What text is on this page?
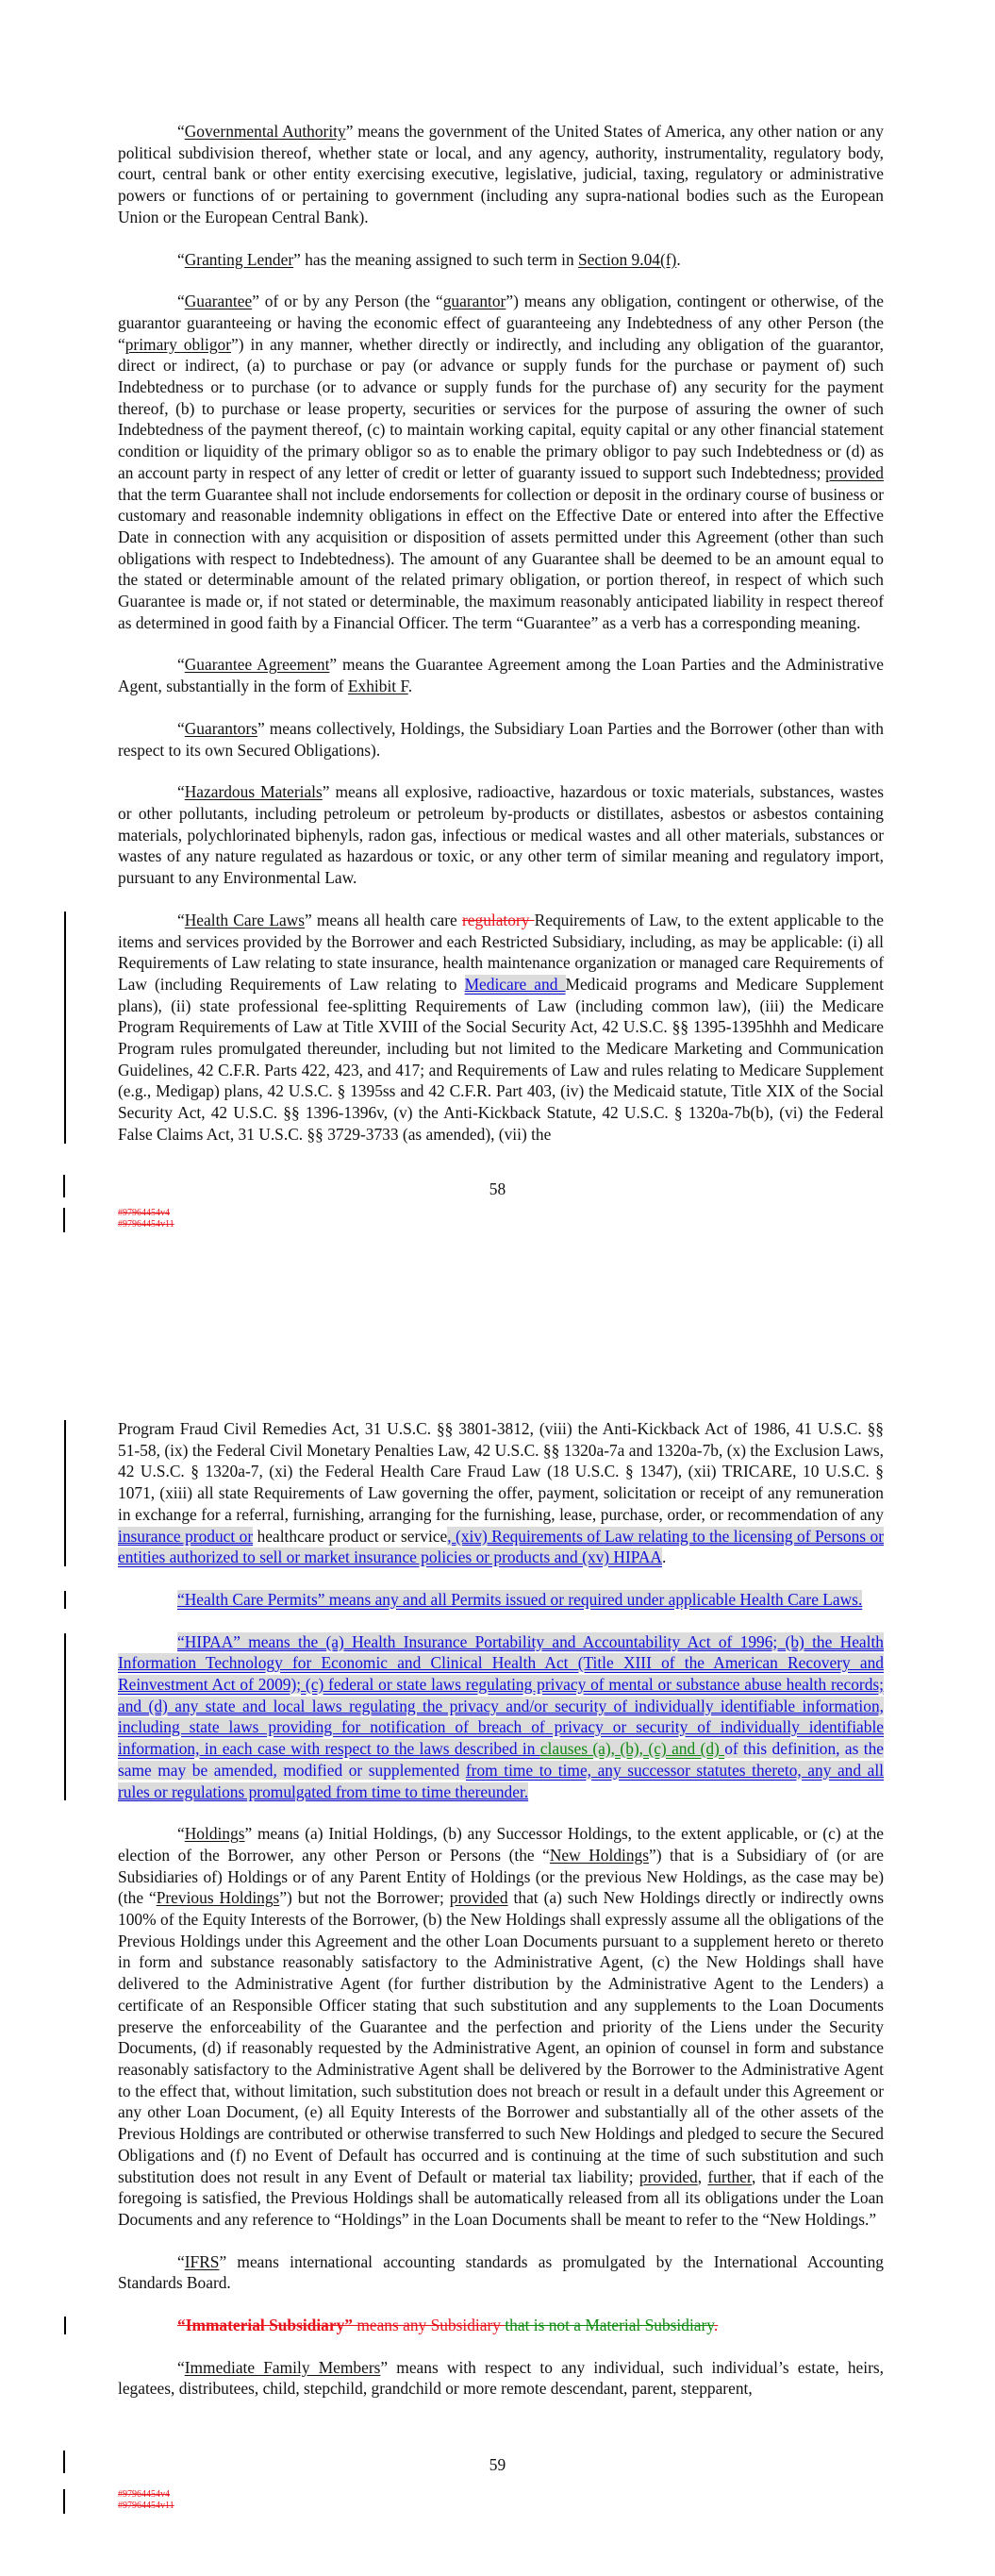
“Governmental Authority” means the government of the United States of America, any other nation or any political subdivision thereof, whether state or local, and any agency, authority, instrumentality, regulatory body, court, central bank or other entity exercising executive, legislative, judicial, taxing, regulatory or administrative powers or functions of or pertaining to government (including any supra-national bodies such as the European Union or the European Central Bank).

“Granting Lender” has the meaning assigned to such term in Section 9.04(f).

“Guarantee” of or by any Person (the “guarantor”) means any obligation, contingent or otherwise, of the guarantor guaranteeing or having the economic effect of guaranteeing any Indebtedness of any other Person (the “primary obligor”) in any manner, whether directly or indirectly, and including any obligation of the guarantor, direct or indirect, (a) to purchase or pay (or advance or supply funds for the purchase or payment of) such Indebtedness or to purchase (or to advance or supply funds for the purchase of) any security for the payment thereof, (b) to purchase or lease property, securities or services for the purpose of assuring the owner of such Indebtedness of the payment thereof, (c) to maintain working capital, equity capital or any other financial statement condition or liquidity of the primary obligor so as to enable the primary obligor to pay such Indebtedness or (d) as an account party in respect of any letter of credit or letter of guaranty issued to support such Indebtedness; provided that the term Guarantee shall not include endorsements for collection or deposit in the ordinary course of business or customary and reasonable indemnity obligations in effect on the Effective Date or entered into after the Effective Date in connection with any acquisition or disposition of assets permitted under this Agreement (other than such obligations with respect to Indebtedness). The amount of any Guarantee shall be deemed to be an amount equal to the stated or determinable amount of the related primary obligation, or portion thereof, in respect of which such Guarantee is made or, if not stated or determinable, the maximum reasonably anticipated liability in respect thereof as determined in good faith by a Financial Officer. The term “Guarantee” as a verb has a corresponding meaning.

“Guarantee Agreement” means the Guarantee Agreement among the Loan Parties and the Administrative Agent, substantially in the form of Exhibit F.

“Guarantors” means collectively, Holdings, the Subsidiary Loan Parties and the Borrower (other than with respect to its own Secured Obligations).

“Hazardous Materials” means all explosive, radioactive, hazardous or toxic materials, substances, wastes or other pollutants, including petroleum or petroleum by-products or distillates, asbestos or asbestos containing materials, polychlorinated biphenyls, radon gas, infectious or medical wastes and all other materials, substances or wastes of any nature regulated as hazardous or toxic, or any other term of similar meaning and regulatory import, pursuant to any Environmental Law.

“Health Care Laws” means all health care regulatory Requirements of Law, to the extent applicable to the items and services provided by the Borrower and each Restricted Subsidiary, including, as may be applicable: (i) all Requirements of Law relating to state insurance, health maintenance organization or managed care Requirements of Law (including Requirements of Law relating to Medicare and Medicaid programs and Medicare Supplement plans), (ii) state professional fee-splitting Requirements of Law (including common law), (iii) the Medicare Program Requirements of Law at Title XVIII of the Social Security Act, 42 U.S.C. §§ 1395-1395hhh and Medicare Program rules promulgated thereunder, including but not limited to the Medicare Marketing and Communication Guidelines, 42 C.F.R. Parts 422, 423, and 417; and Requirements of Law and rules relating to Medicare Supplement (e.g., Medigap) plans, 42 U.S.C. § 1395ss and 42 C.F.R. Part 403, (iv) the Medicaid statute, Title XIX of the Social Security Act, 42 U.S.C. §§ 1396-1396v, (v) the Anti-Kickback Statute, 42 U.S.C. § 1320a-7b(b), (vi) the Federal False Claims Act, 31 U.S.C. §§ 3729-3733 (as amended), (vii) the

58
#97964454v4
#97964454v11

Program Fraud Civil Remedies Act, 31 U.S.C. §§ 3801-3812, (viii) the Anti-Kickback Act of 1986, 41 U.S.C. §§ 51-58, (ix) the Federal Civil Monetary Penalties Law, 42 U.S.C. §§ 1320a-7a and 1320a-7b, (x) the Exclusion Laws, 42 U.S.C. § 1320a-7, (xi) the Federal Health Care Fraud Law (18 U.S.C. § 1347), (xii) TRICARE, 10 U.S.C. § 1071, (xiii) all state Requirements of Law governing the offer, payment, solicitation or receipt of any remuneration in exchange for a referral, furnishing, arranging for the furnishing, lease, purchase, order, or recommendation of any insurance product or healthcare product or service, (xiv) Requirements of Law relating to the licensing of Persons or entities authorized to sell or market insurance policies or products and (xv) HIPAA.

“Health Care Permits” means any and all Permits issued or required under applicable Health Care Laws.

“HIPAA” means the (a) Health Insurance Portability and Accountability Act of 1996; (b) the Health Information Technology for Economic and Clinical Health Act (Title XIII of the American Recovery and Reinvestment Act of 2009); (c) federal or state laws regulating privacy of mental or substance abuse health records; and (d) any state and local laws regulating the privacy and/or security of individually identifiable information, including state laws providing for notification of breach of privacy or security of individually identifiable information, in each case with respect to the laws described in clauses (a), (b), (c) and (d) of this definition, as the same may be amended, modified or supplemented from time to time, any successor statutes thereto, any and all rules or regulations promulgated from time to time thereunder.

“Holdings” means (a) Initial Holdings, (b) any Successor Holdings, to the extent applicable, or (c) at the election of the Borrower, any other Person or Persons (the “New Holdings”) that is a Subsidiary of (or are Subsidiaries of) Holdings or of any Parent Entity of Holdings (or the previous New Holdings, as the case may be) (the “Previous Holdings”) but not the Borrower; provided that (a) such New Holdings directly or indirectly owns 100% of the Equity Interests of the Borrower, (b) the New Holdings shall expressly assume all the obligations of the Previous Holdings under this Agreement and the other Loan Documents pursuant to a supplement hereto or thereto in form and substance reasonably satisfactory to the Administrative Agent, (c) the New Holdings shall have delivered to the Administrative Agent (for further distribution by the Administrative Agent to the Lenders) a certificate of an Responsible Officer stating that such substitution and any supplements to the Loan Documents preserve the enforceability of the Guarantee and the perfection and priority of the Liens under the Security Documents, (d) if reasonably requested by the Administrative Agent, an opinion of counsel in form and substance reasonably satisfactory to the Administrative Agent shall be delivered by the Borrower to the Administrative Agent to the effect that, without limitation, such substitution does not breach or result in a default under this Agreement or any other Loan Document, (e) all Equity Interests of the Borrower and substantially all of the other assets of the Previous Holdings are contributed or otherwise transferred to such New Holdings and pledged to secure the Secured Obligations and (f) no Event of Default has occurred and is continuing at the time of such substitution and such substitution does not result in any Event of Default or material tax liability; provided, further, that if each of the foregoing is satisfied, the Previous Holdings shall be automatically released from all its obligations under the Loan Documents and any reference to “Holdings” in the Loan Documents shall be meant to refer to the “New Holdings.”

“IFRS” means international accounting standards as promulgated by the International Accounting Standards Board.

“Immaterial Subsidiary” means any Subsidiary that is not a Material Subsidiary.

“Immediate Family Members” means with respect to any individual, such individual’s estate, heirs, legatees, distributees, child, stepchild, grandchild or more remote descendant, parent, stepparent,

59
#97964454v4
#97964454v11
